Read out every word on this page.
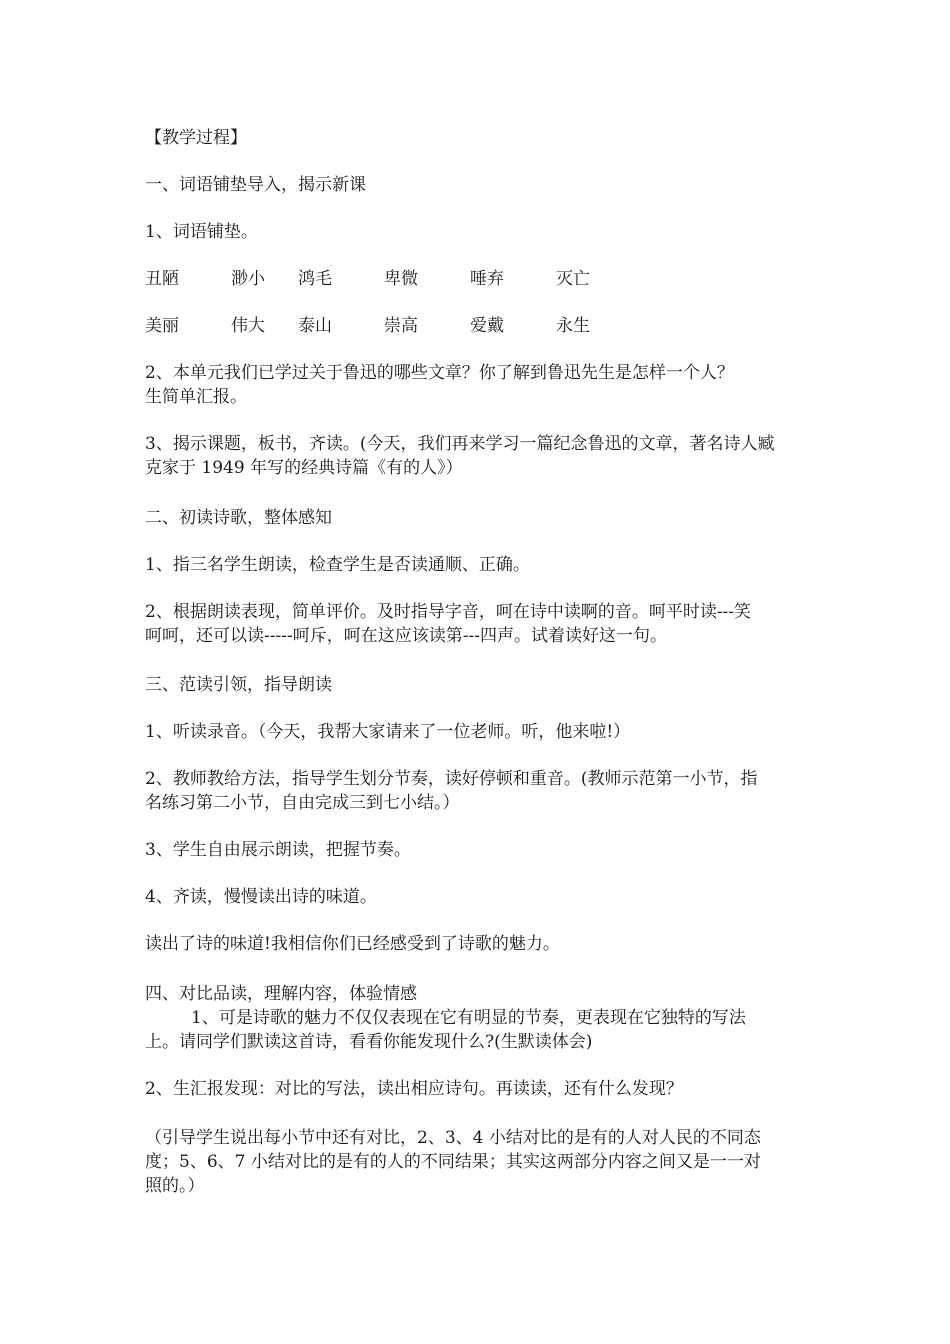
【教学过程】

一、词语铺垫导入，揭示新课

1、词语铺垫。

丑陋	渺小 鸿毛	卑微	唾弃	灭亡
美丽	伟大 泰山	崇高	爱戴	永生

2、本单元我们已学过关于鲁迅的哪些文章？你了解到鲁迅先生是怎样一个人？

生简单汇报。

3、揭示课题，板书，齐读。(今天，我们再来学习一篇纪念鲁迅的文章，著名诗人臧

克家于 1949 年写的经典诗篇《有的人》）

二、初读诗歌，整体感知

1、指三名学生朗读，检查学生是否读通顺、正确。

2、根据朗读表现，简单评价。及时指导字音，呵在诗中读啊的音。呵平时读---笑

呵呵，还可以读-----呵斥，呵在这应该读第---四声。试着读好这一句。

三、范读引领，指导朗读

1、听读录音。（今天，我帮大家请来了一位老师。听，他来啦!）

2、教师教给方法，指导学生划分节奏，读好停顿和重音。(教师示范第一小节，指

名练习第二小节，自由完成三到七小结。）

3、学生自由展示朗读，把握节奏。

4、齐读，慢慢读出诗的味道。

读出了诗的味道!我相信你们已经感受到了诗歌的魅力。

四、对比品读，理解内容，体验情感

1、可是诗歌的魅力不仅仅表现在它有明显的节奏，更表现在它独特的写法

上。请同学们默读这首诗，看看你能发现什么?(生默读体会)

2、生汇报发现：对比的写法，读出相应诗句。再读读，还有什么发现？

（引导学生说出每小节中还有对比，2、3、4 小结对比的是有的人对人民的不同态

度；5、6、7 小结对比的是有的人的不同结果；其实这两部分内容之间又是一一对

照的。）
